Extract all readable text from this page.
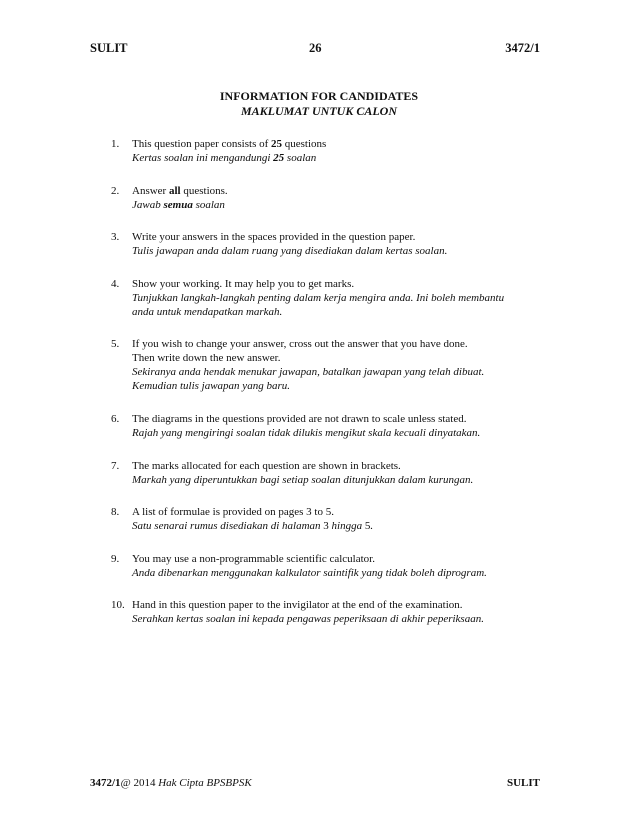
SULIT	26	3472/1
INFORMATION FOR CANDIDATES
MAKLUMAT UNTUK CALON
1.	This question paper consists of 25 questions
Kertas soalan ini mengandungi 25 soalan
2.	Answer all questions.
Jawab semua soalan
3.	Write your answers in the spaces provided in the question paper.
Tulis jawapan anda dalam ruang yang disediakan dalam kertas soalan.
4.	Show your working. It may help you to get marks.
Tunjukkan langkah-langkah penting dalam kerja mengira anda. Ini boleh membantu
anda untuk mendapatkan markah.
5.	If you wish to change your answer, cross out the answer that you have done.
Then write down the new answer.
Sekiranya anda hendak menukar jawapan, batalkan jawapan yang telah dibuat.
Kemudian tulis jawapan yang baru.
6.	The diagrams in the questions provided are not drawn to scale unless stated.
Rajah yang mengiringi soalan tidak dilukis mengikut skala kecuali dinyatakan.
7.	The marks allocated for each question are shown in brackets.
Markah yang diperuntukkan bagi setiap soalan ditunjukkan dalam kurungan.
8.	A list of formulae is provided on pages 3 to 5.
Satu senarai rumus disediakan di halaman 3 hingga 5.
9.	You may use a non-programmable scientific calculator.
Anda dibenarkan menggunakan kalkulator saintifik yang tidak boleh diprogram.
10. Hand in this question paper to the invigilator at the end of the examination.
Serahkan kertas soalan ini kepada pengawas peperiksaan di akhir peperiksaan.
3472/1@ 2014 Hak Cipta BPSBPSK	SULIT
